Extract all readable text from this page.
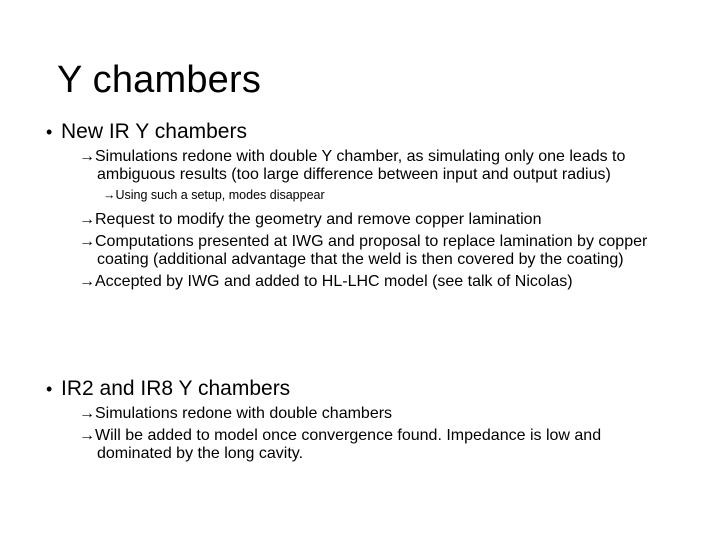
Y chambers
• New IR Y chambers
→Simulations redone with double Y chamber, as simulating only one leads to ambiguous results (too large difference between input and output radius)
→Using such a setup, modes disappear
→Request to modify the geometry and remove copper lamination
→Computations presented at IWG and proposal to replace lamination by copper coating (additional advantage that the weld is then covered by the coating)
→Accepted by IWG and added to HL-LHC model (see talk of Nicolas)
• IR2 and IR8 Y chambers
→Simulations redone with double chambers
→Will be added to model once convergence found. Impedance is low and dominated by the long cavity.
